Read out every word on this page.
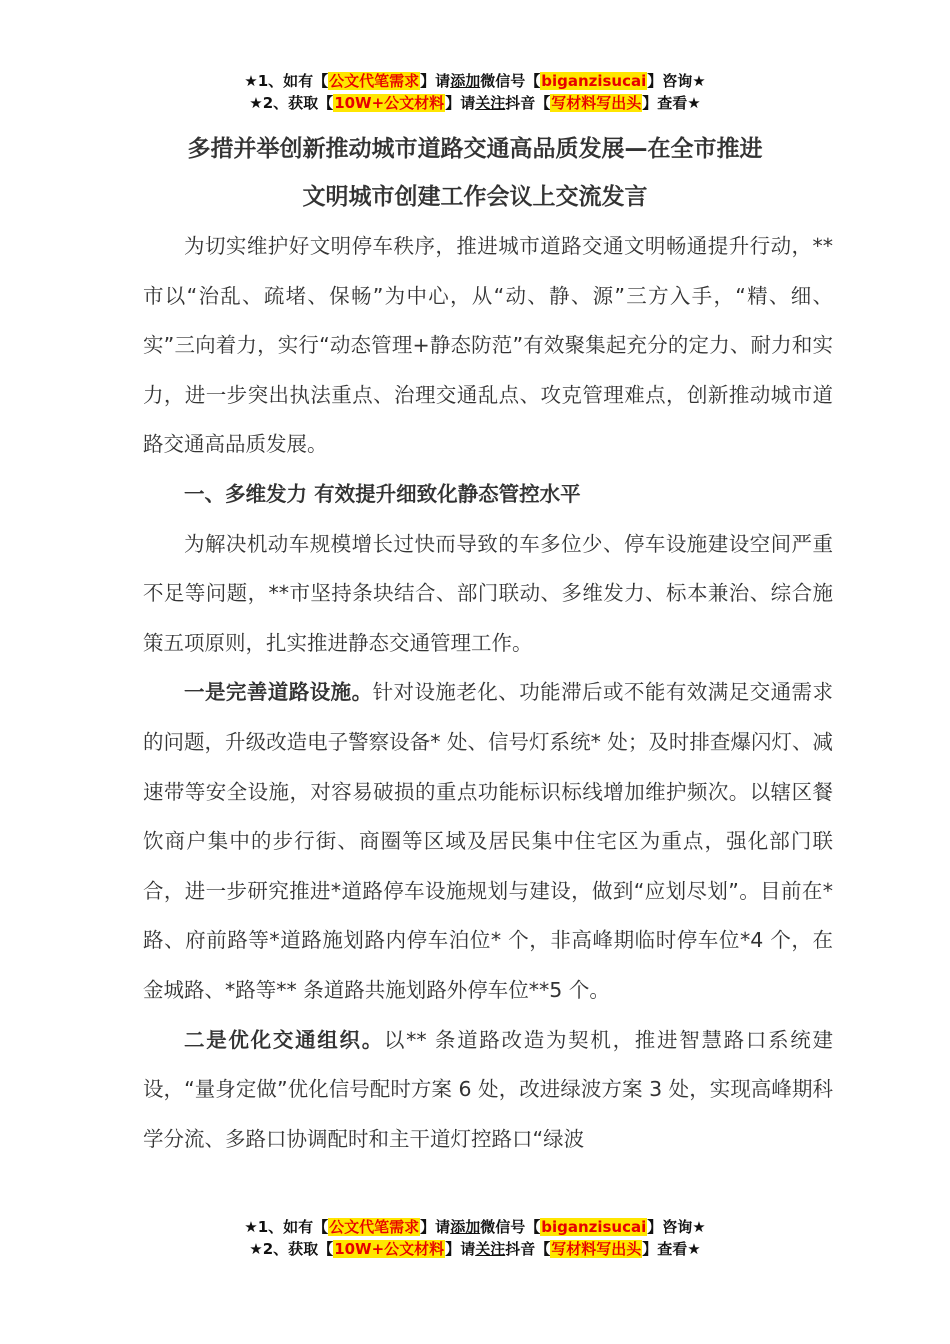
★1、如有【公文代笔需求】请添加微信号【biganzisucai】咨询★
★2、获取【10W+公文材料】请关注抖音【写材料写出头】查看★
多措并举创新推动城市道路交通高品质发展—在全市推进
文明城市创建工作会议上交流发言

为切实维护好文明停车秩序，推进城市道路交通文明畅通提升行动，**市以“治乱、疏堵、保畅”为中心，从“动、静、源”三方入手，“精、细、实”三向着力，实行“动态管理+静态防范”有效聚集起充分的定力、耐力和实力，进一步突出执法重点、治理交通乱点、攻克管理难点，创新推动城市道路交通高品质发展。

一、多维发力 有效提升细致化静态管控水平

为解决机动车规模增长过快而导致的车多位少、停车设施建设空间严重不足等问题，**市坚持条块结合、部门联动、多维发力、标本兼治、综合施策五项原则，扎实推进静态交通管理工作。

一是完善道路设施。针对设施老化、功能滞后或不能有效满足交通需求的问题，升级改造电子警察设备* 处、信号灯系统* 处；及时排查爆闪灯、减速带等安全设施，对容易破损的重点功能标识标线增加维护频次。以辖区餐饮商户集中的步行街、商圈等区域及居民集中住宅区为重点，强化部门联合，进一步研究推进*道路停车设施规划与建设，做到“应划尽划”。目前在*路、府前路等*道路施划路内停车泊位* 个，非高峰期临时停车位*4 个，在金城路、*路等** 条道路共施划路外停车位**5 个。

二是优化交通组织。以** 条道路改造为契机，推进智慧路口系统建设，“量身定做”优化信号配时方案 6 处，改进绿波方案 3 处，实现高峰期科学分流、多路口协调配时和主干道灯控路口“绿波

★1、如有【公文代笔需求】请添加微信号【biganzisucai】咨询★
★2、获取【10W+公文材料】请关注抖音【写材料写出头】查看★
